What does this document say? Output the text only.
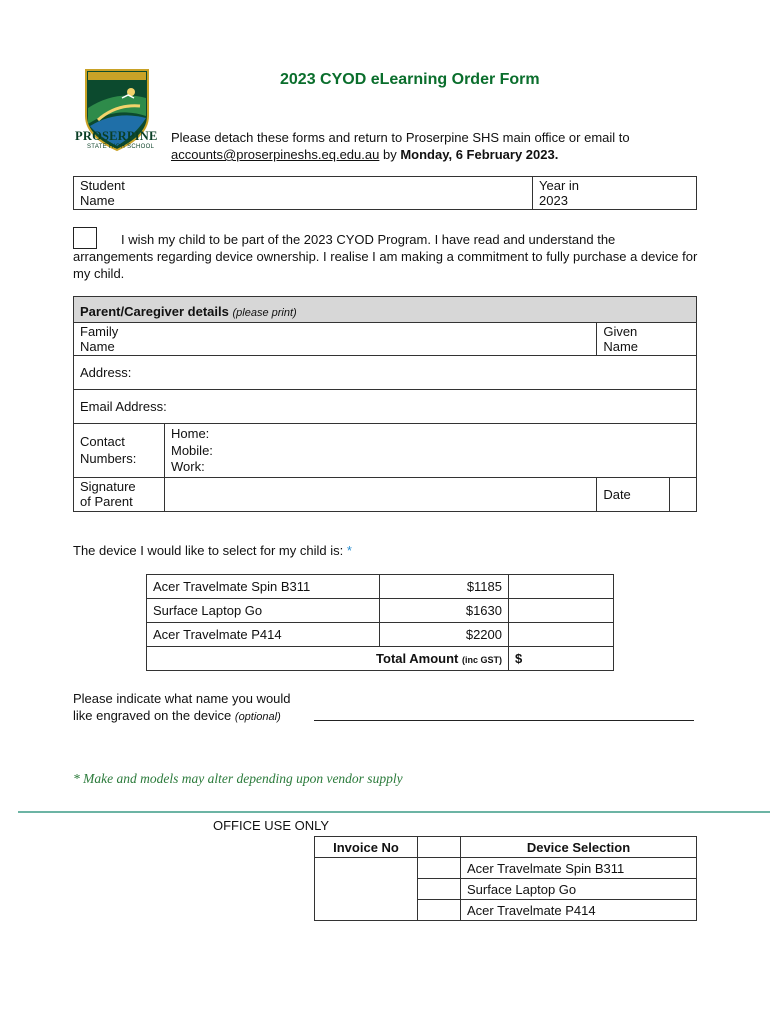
PROSERPINE
STATE HIGH SCHOOL
2023 CYOD eLearning Order Form
Please detach these forms and return to Proserpine SHS main office or email to accounts@proserpineshs.eq.edu.au by Monday, 6 February 2023.
Student Name

Year in 2023
I wish my child to be part of the 2023 CYOD Program. I have read and understand the arrangements regarding device ownership. I realise I am making a commitment to fully purchase a device for my child.
Parent/Caregiver details (please print)

Family Name

Given Name

Address:

Email Address:

Contact Numbers:

Home:
Mobile:
Work:

Signature of Parent
			Date

The device I would like to select for my child is: *
Acer Travelmate Spin B311	$1185	
Surface Laptop Go	$1630	
Acer Travelmate P414	$2200	
Total Amount (inc GST)		$
Please indicate what name you would
like engraved on the device (optional)
* Make and models may alter depending upon vendor supply
OFFICE USE ONLY
Invoice No		Device Selection
		Acer Travelmate Spin B311
		Surface Laptop Go
		Acer Travelmate P414
